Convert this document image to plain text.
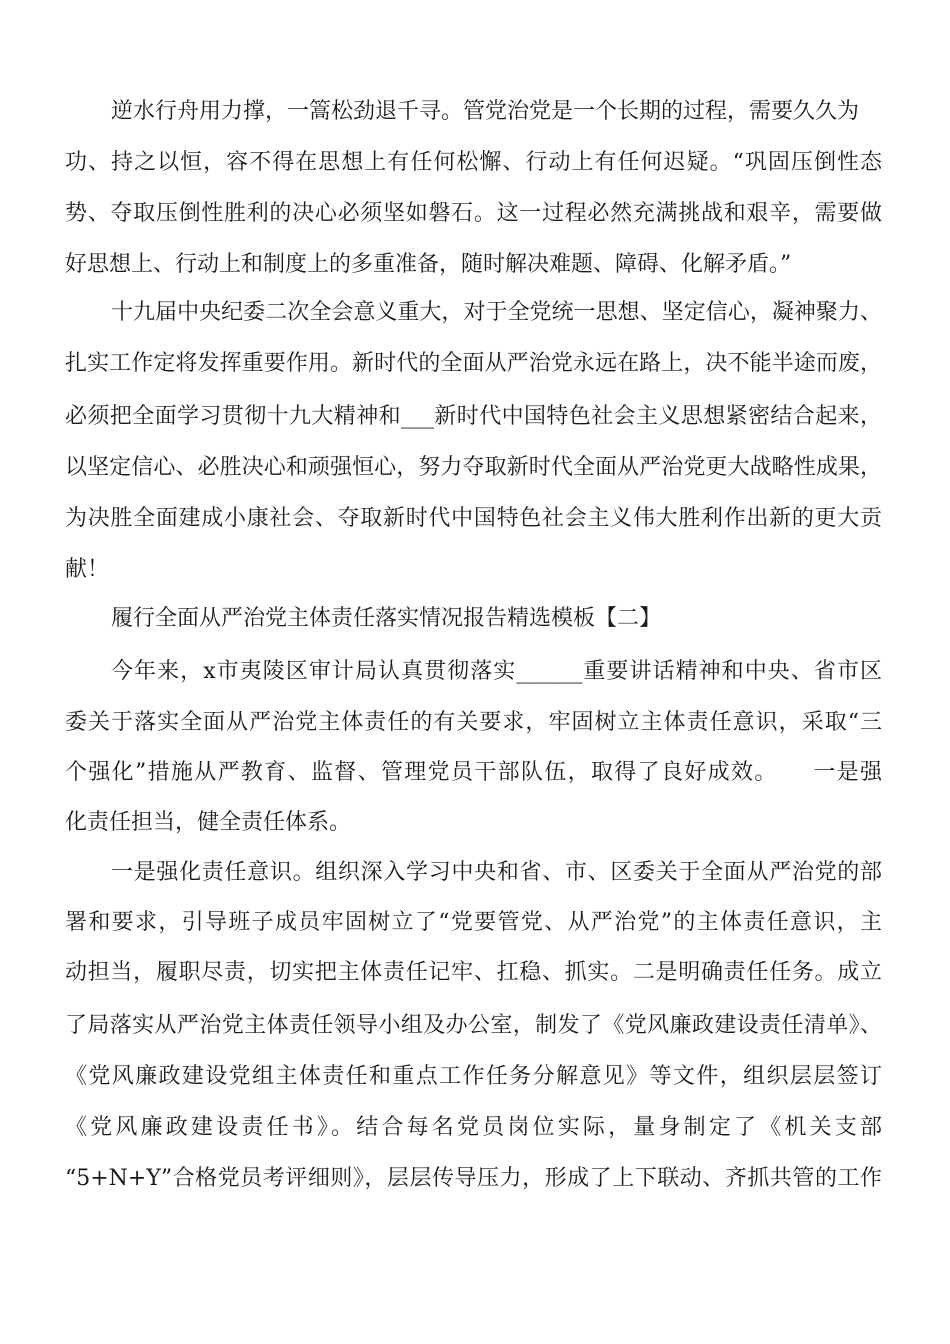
逆水行舟用力撑，一篙松劲退千寻。管党治党是一个长期的过程，需要久久为
功、持之以恒，容不得在思想上有任何松懈、行动上有任何迟疑。“巩固压倒性态
势、夺取压倒性胜利的决心必须坚如磐石。这一过程必然充满挑战和艰辛，需要做
好思想上、行动上和制度上的多重准备，随时解决难题、障碍、化解矛盾。”
十九届中央纪委二次全会意义重大，对于全党统一思想、坚定信心，凝神聚力、
扎实工作定将发挥重要作用。新时代的全面从严治党永远在路上，决不能半途而废，
必须把全面学习贯彻十九大精神和___新时代中国特色社会主义思想紧密结合起来，
以坚定信心、必胜决心和顽强恒心，努力夺取新时代全面从严治党更大战略性成果，
为决胜全面建成小康社会、夺取新时代中国特色社会主义伟大胜利作出新的更大贡
献！
履行全面从严治党主体责任落实情况报告精选模板【二】
今年来，x市夷陵区审计局认真贯彻落实______重要讲话精神和中央、省市区
委关于落实全面从严治党主体责任的有关要求，牢固树立主体责任意识，采取“三
个强化”措施从严教育、监督、管理党员干部队伍，取得了良好成效。　　一是强
化责任担当，健全责任体系。
一是强化责任意识。组织深入学习中央和省、市、区委关于全面从严治党的部
署和要求，引导班子成员牢固树立了“党要管党、从严治党”的主体责任意识，主
动担当，履职尽责，切实把主体责任记牢、扛稳、抓实。二是明确责任任务。成立
了局落实从严治党主体责任领导小组及办公室，制发了《党风廉政建设责任清单》、
《党风廉政建设党组主体责任和重点工作任务分解意见》等文件，组织层层签订
《党风廉政建设责任书》。结合每名党员岗位实际，量身制定了《机关支部
“5+N+Y”合格党员考评细则》，层层传导压力，形成了上下联动、齐抓共管的工作
